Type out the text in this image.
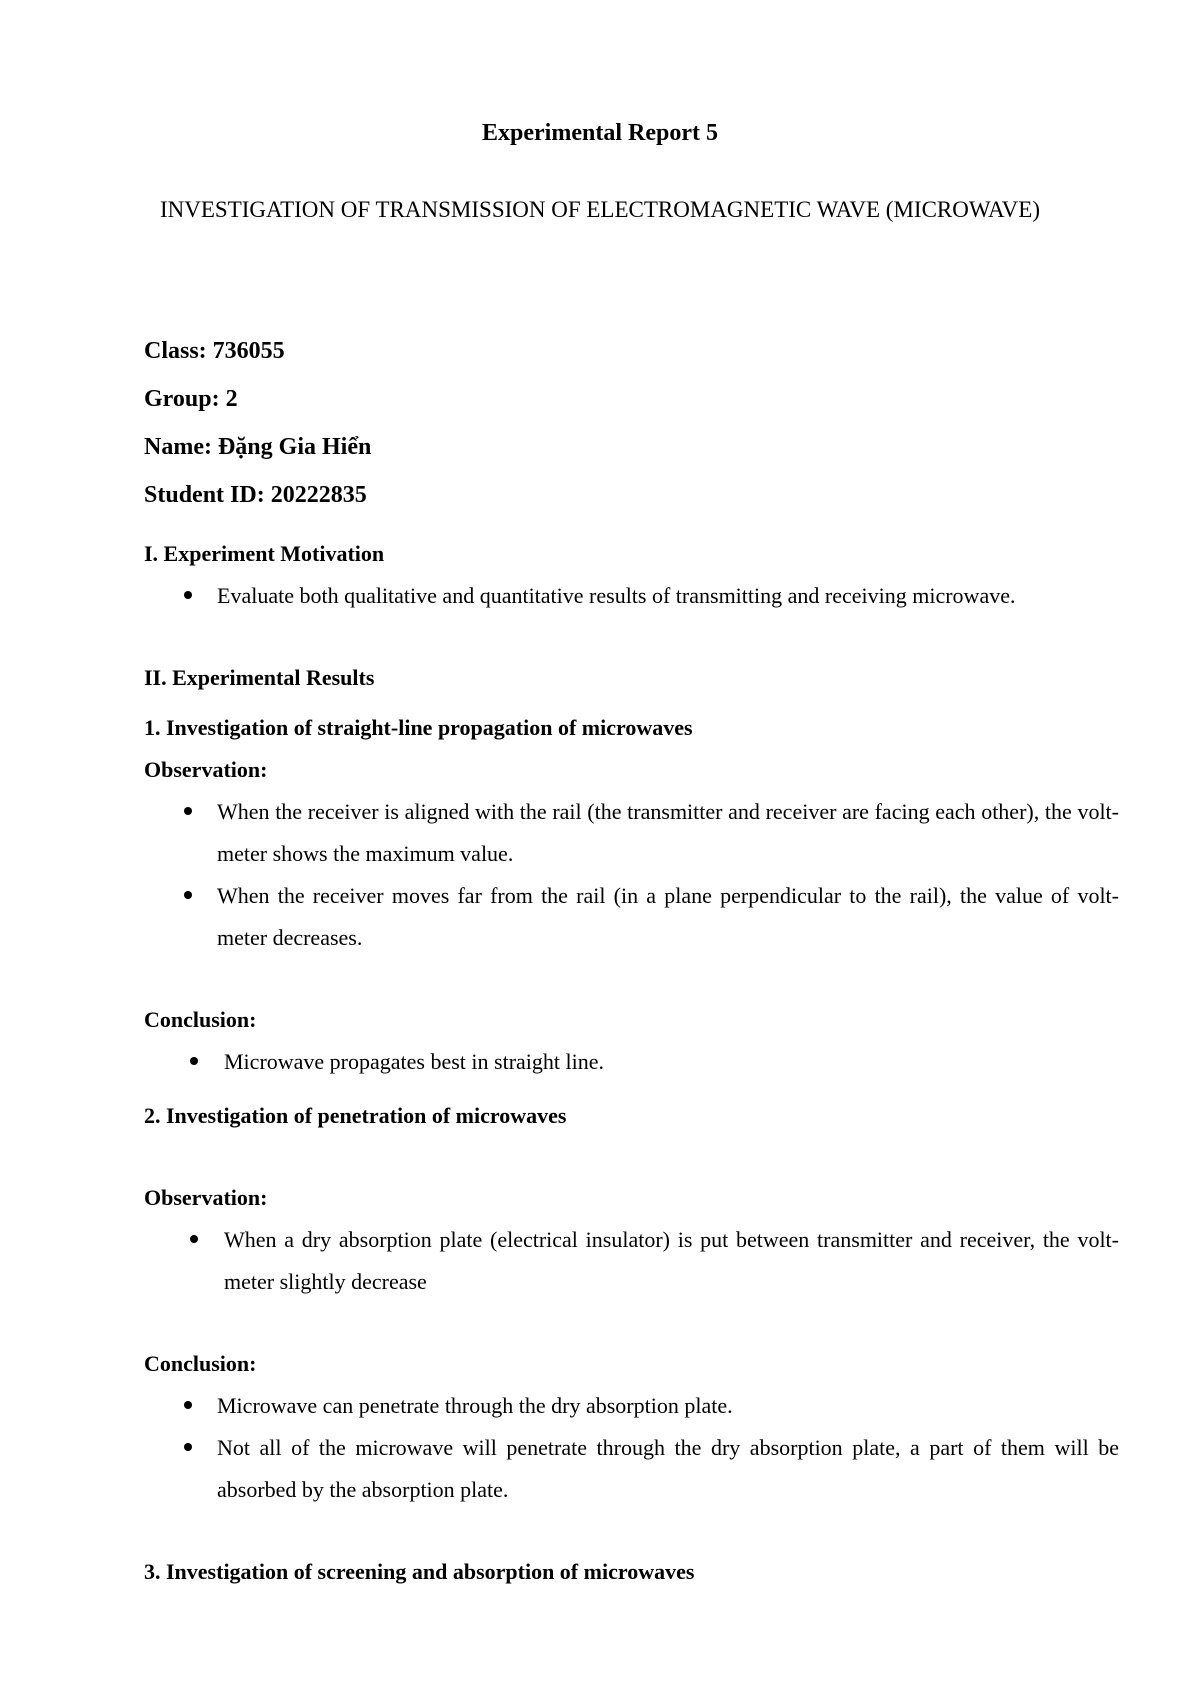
Experimental Report 5

INVESTIGATION OF TRANSMISSION OF ELECTROMAGNETIC WAVE (MICROWAVE)

Class: 736055

Group: 2

Name: Đặng Gia Hiển

Student ID: 20222835

I. Experiment Motivation

Evaluate both qualitative and quantitative results of transmitting and receiving microwave.

II. Experimental Results

1. Investigation of straight-line propagation of microwaves

Observation:

When the receiver is aligned with the rail (the transmitter and receiver are facing each other), the volt-meter shows the maximum value.
When the receiver moves far from the rail (in a plane perpendicular to the rail), the value of volt-meter decreases.

Conclusion:

Microwave propagates best in straight line.

2. Investigation of penetration of microwaves

Observation:

When a dry absorption plate (electrical insulator) is put between transmitter and receiver, the volt-meter slightly decrease

Conclusion:

Microwave can penetrate through the dry absorption plate.
Not all of the microwave will penetrate through the dry absorption plate, a part of them will be absorbed by the absorption plate.

3. Investigation of screening and absorption of microwaves
